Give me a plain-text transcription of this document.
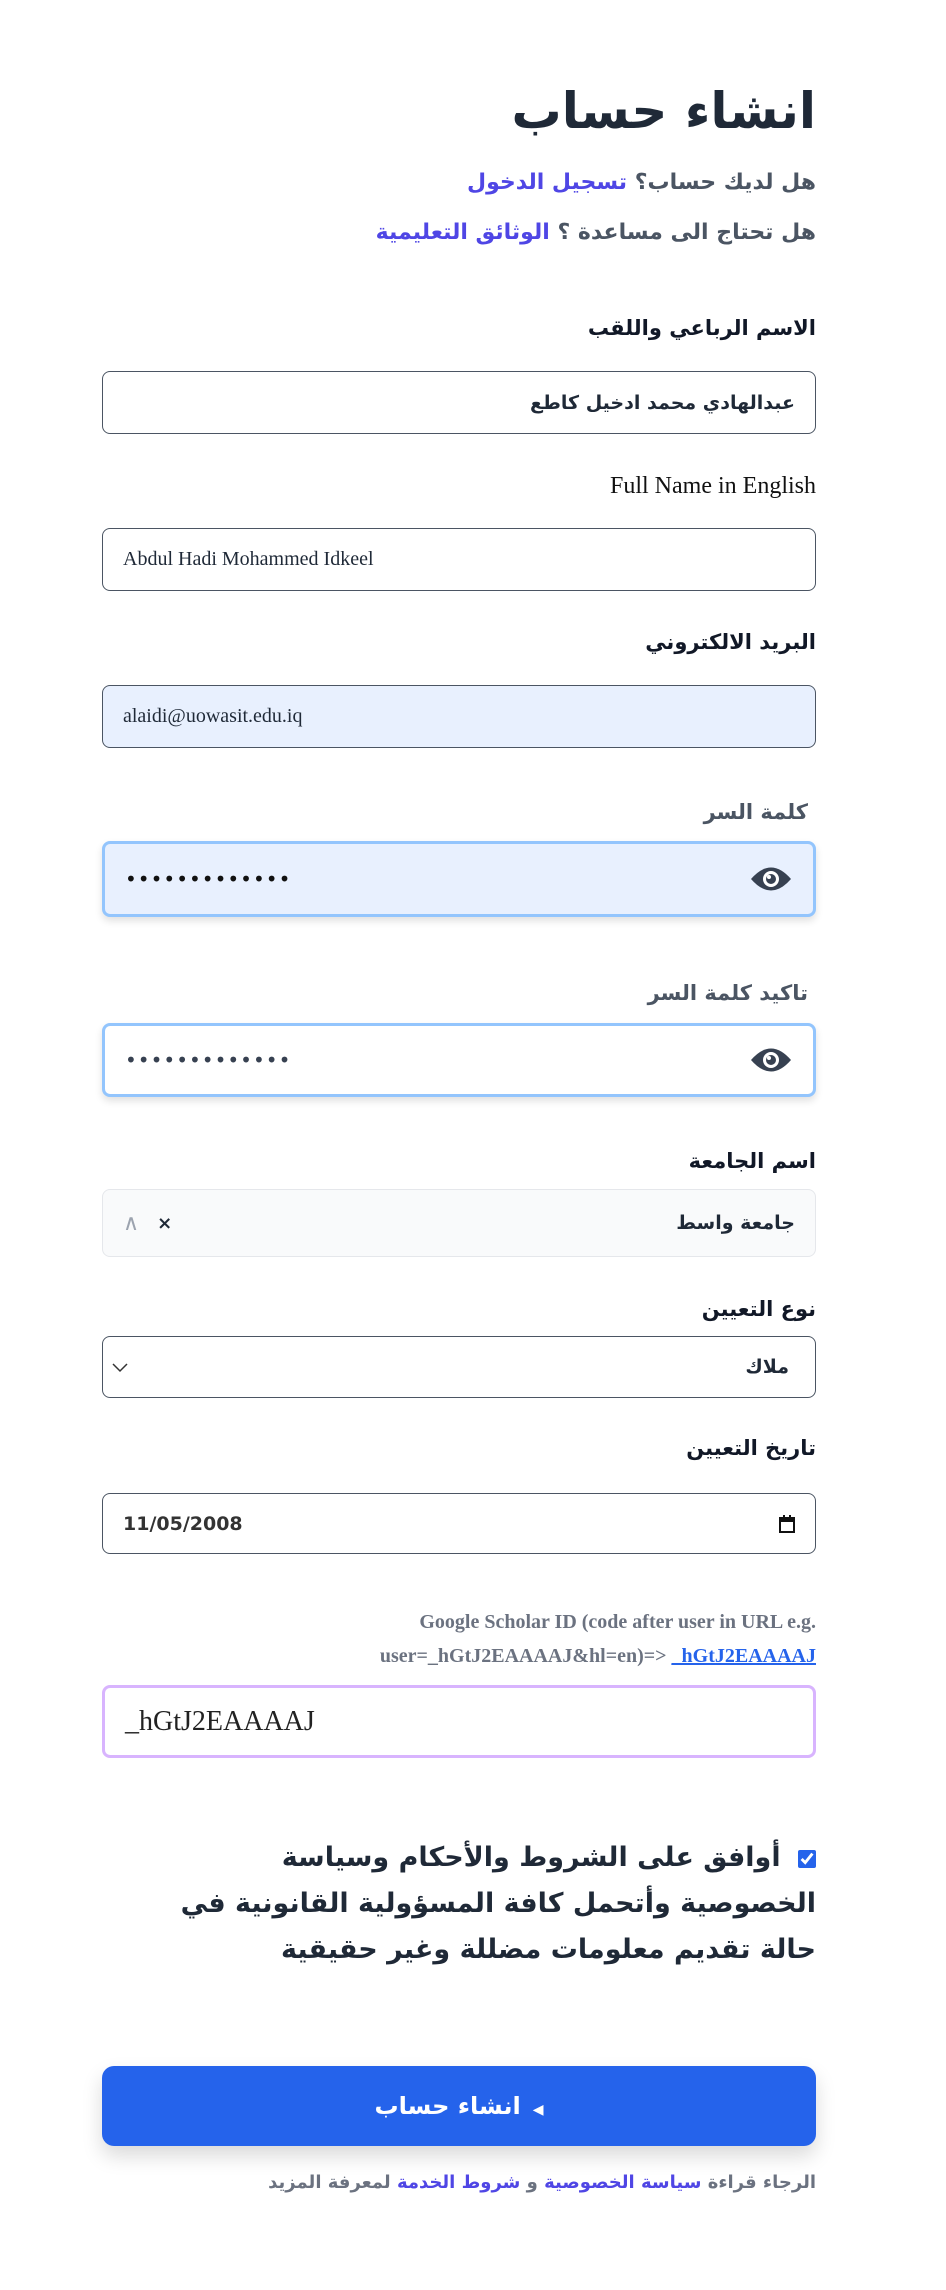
انشاء حساب
هل لديك حساب؟ تسجيل الدخول
هل تحتاج الى مساعدة ؟ الوثائق التعليمية
الاسم الرباعي واللقب
عبدالهادي محمد ادخيل كاطع
Full Name in English
Abdul Hadi Mohammed Idkeel
البريد الالكتروني
alaidi@uowasit.edu.iq
كلمة السر
•••••••••••••
تاكيد كلمة السر
•••••••••••••
اسم الجامعة
جامعة واسط
∧ ×
نوع التعيين
ملاك
تاريخ التعيين
11/05/2008
Google Scholar ID (code after user in URL e.g.
user=_hGtJ2EAAAAJ&hl=en)=> _hGtJ2EAAAAJ
_hGtJ2EAAAAJ
أوافق على الشروط والأحكام وسياسة الخصوصية وأتحمل كافة المسؤولية القانونية في حالة تقديم معلومات مضللة وغير حقيقية
◀انشاء حساب
الرجاء قراءة سياسة الخصوصية و شروط الخدمة لمعرفة المزيد
